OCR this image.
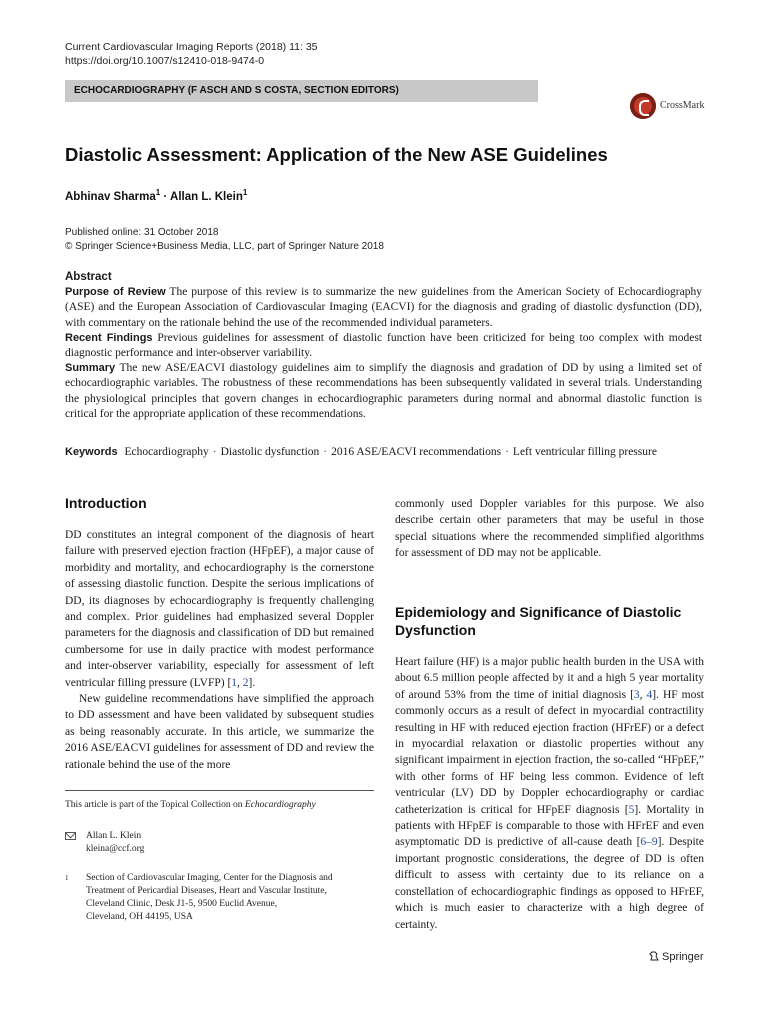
Current Cardiovascular Imaging Reports (2018) 11: 35
https://doi.org/10.1007/s12410-018-9474-0
ECHOCARDIOGRAPHY (F ASCH AND S COSTA, SECTION EDITORS)
CrossMark
Diastolic Assessment: Application of the New ASE Guidelines
Abhinav Sharma$^1$ · Allan L. Klein$^1$
Published online: 31 October 2018
© Springer Science+Business Media, LLC, part of Springer Nature 2018
Abstract

Purpose of Review The purpose of this review is to summarize the new guidelines from the American Society of Echocardiography (ASE) and the European Association of Cardiovascular Imaging (EACVI) for the diagnosis and grading of diastolic dysfunction (DD), with commentary on the rationale behind the use of the recommended individual parameters.

Recent Findings Previous guidelines for assessment of diastolic function have been criticized for being too complex with modest diagnostic performance and inter-observer variability.

Summary The new ASE/EACVI diastology guidelines aim to simplify the diagnosis and gradation of DD by using a limited set of echocardiographic variables. The robustness of these recommendations has been subsequently validated in several trials. Understanding the physiological principles that govern changes in echocardiographic parameters during normal and abnormal diastolic function is critical for the appropriate application of these recommendations.

Keywords Echocardiography · Diastolic dysfunction · 2016 ASE/EACVI recommendations · Left ventricular filling pressure
Introduction

DD constitutes an integral component of the diagnosis of heart failure with preserved ejection fraction (HFpEF), a major cause of morbidity and mortality, and echocardiography is the cornerstone of assessing diastolic function. Despite the serious implications of DD, its diagnoses by echocardiography is frequently challenging and complex. Prior guidelines had emphasized several Doppler parameters for the diagnosis and classification of DD but remained cumbersome for use in daily practice with modest performance and inter-observer variability, especially for assessment of left ventricular filling pressure (LVFP) [1, 2].

New guideline recommendations have simplified the approach to DD assessment and have been validated by subsequent studies as being reasonably accurate. In this article, we summarize the 2016 ASE/EACVI guidelines for assessment of DD and review the rationale behind the use of the more

This article is part of the Topical Collection on Echocardiography
Allan L. Klein
kleina@ccf.org
1 Section of Cardiovascular Imaging, Center for the Diagnosis and
Treatment of Pericardial Diseases, Heart and Vascular Institute,
Cleveland Clinic, Desk J1-5, 9500 Euclid Avenue,
Cleveland, OH 44195, USA

commonly used Doppler variables for this purpose. We also describe certain other parameters that may be useful in those special situations where the recommended simplified algorithms for assessment of DD may not be applicable.

Epidemiology and Significance of Diastolic Dysfunction

Heart failure (HF) is a major public health burden in the USA with about 6.5 million people affected by it and a high 5 year mortality of around 53% from the time of initial diagnosis [3, 4]. HF most commonly occurs as a result of defect in myocardial contractility resulting in HF with reduced ejection fraction (HFrEF) or a defect in myocardial relaxation or diastolic properties without any significant impairment in ejection fraction, the so-called “HFpEF,” with other forms of HF being less common. Evidence of left ventricular (LV) DD by Doppler echocardiography or cardiac catheterization is critical for HFpEF diagnosis [5]. Mortality in patients with HFpEF is comparable to those with HFrEF and even asymptomatic DD is predictive of all-cause death [6–9]. Despite important prognostic considerations, the degree of DD is often difficult to assess with certainty due to its reliance on a constellation of echocardiographic findings as opposed to HFrEF, which is much easier to characterize with a high degree of certainty.

Springer
